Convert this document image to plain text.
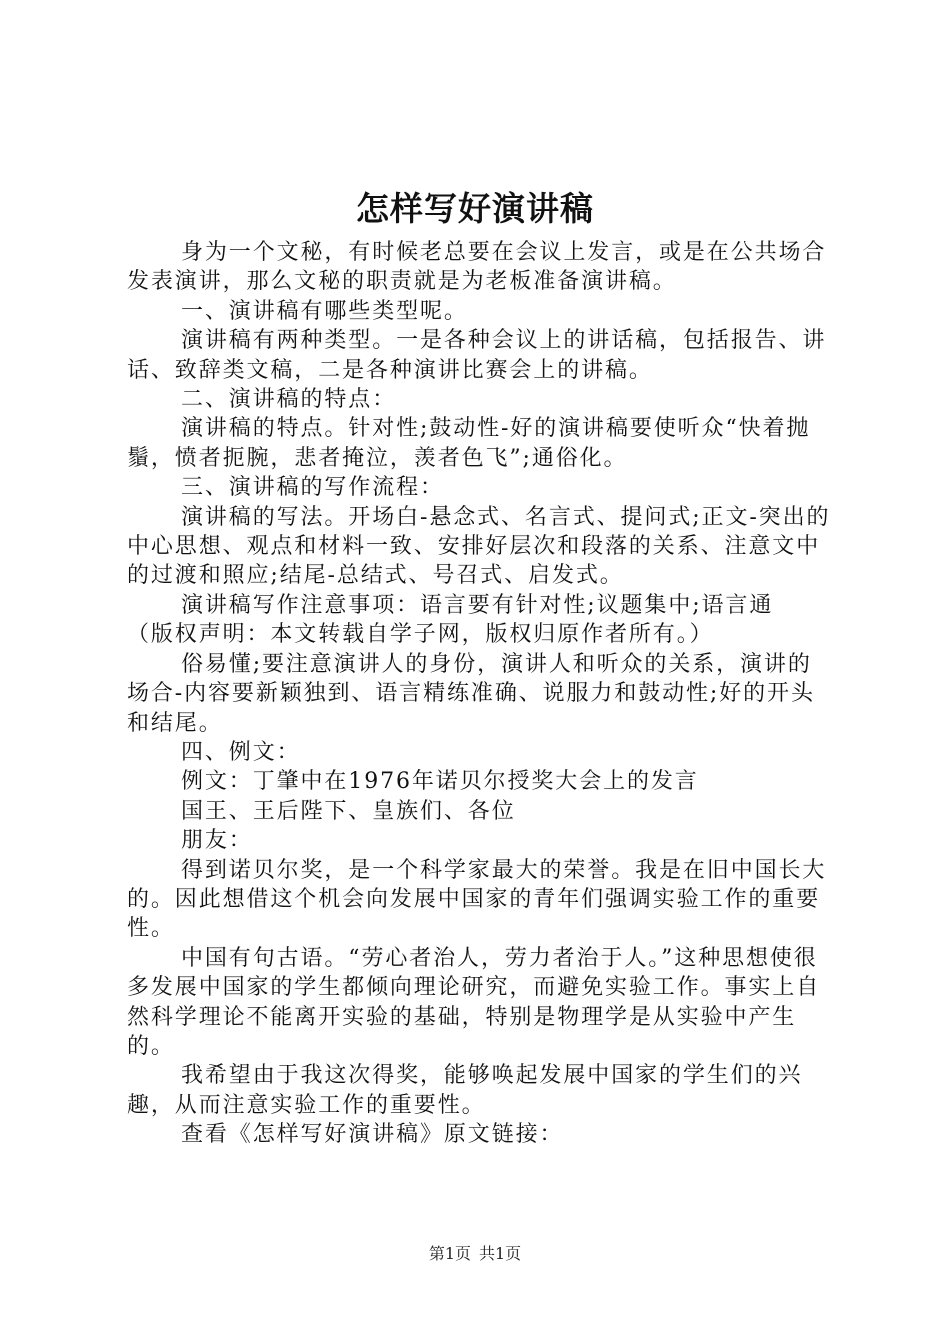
怎样写好演讲稿

身为一个文秘，有时候老总要在会议上发言，或是在公共场合发表演讲，那么文秘的职责就是为老板准备演讲稿。

一、演讲稿有哪些类型呢。

演讲稿有两种类型。一是各种会议上的讲话稿，包括报告、讲话、致辞类文稿，二是各种演讲比赛会上的讲稿。

二、演讲稿的特点：

演讲稿的特点。针对性;鼓动性-好的演讲稿要使听众“快着抛鬚，愤者扼腕，悲者掩泣，羡者色飞”;通俗化。

三、演讲稿的写作流程：

演讲稿的写法。开场白-悬念式、名言式、提问式;正文-突出的中心思想、观点和材料一致、安排好层次和段落的关系、注意文中的过渡和照应;结尾-总结式、号召式、启发式。

演讲稿写作注意事项：语言要有针对性;议题集中;语言通

（版权声明：本文转载自学子网，版权归原作者所有。）

俗易懂;要注意演讲人的身份，演讲人和听众的关系，演讲的场合-内容要新颖独到、语言精练准确、说服力和鼓动性;好的开头和结尾。

四、例文：

例文：丁肇中在1976年诺贝尔授奖大会上的发言

国王、王后陛下、皇族们、各位

朋友：

得到诺贝尔奖，是一个科学家最大的荣誉。我是在旧中国长大的。因此想借这个机会向发展中国家的青年们强调实验工作的重要性。

中国有句古语。“劳心者治人，劳力者治于人。”这种思想使很多发展中国家的学生都倾向理论研究，而避免实验工作。事实上自然科学理论不能离开实验的基础，特别是物理学是从实验中产生的。

我希望由于我这次得奖，能够唤起发展中国家的学生们的兴趣，从而注意实验工作的重要性。

查看《怎样写好演讲稿》原文链接：

第1页 共1页
